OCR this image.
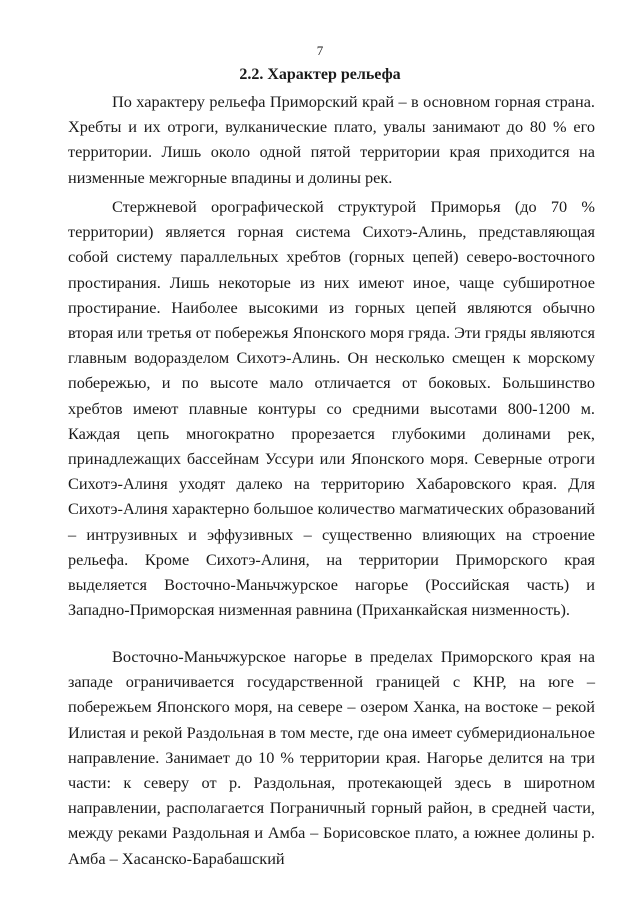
7
2.2. Характер рельефа

По характеру рельефа Приморский край – в основном горная страна. Хребты и их отроги, вулканические плато, увалы занимают до 80 % его территории. Лишь около одной пятой территории края приходится на низменные межгорные впадины и долины рек.

Стержневой орографической структурой Приморья (до 70 % территории) является горная система Сихотэ-Алинь, представляющая собой систему параллельных хребтов (горных цепей) северо-восточного простирания. Лишь некоторые из них имеют иное, чаще субширотное простирание. Наиболее высокими из горных цепей являются обычно вторая или третья от побережья Японского моря гряда. Эти гряды являются главным водоразделом Сихотэ-Алинь. Он несколько смещен к морскому побережью, и по высоте мало отличается от боковых. Большинство хребтов имеют плавные контуры со средними высотами 800-1200 м. Каждая цепь многократно прорезается глубокими долинами рек, принадлежащих бассейнам Уссури или Японского моря. Северные отроги Сихотэ-Алиня уходят далеко на территорию Хабаровского края. Для Сихотэ-Алиня характерно большое количество магматических образований – интрузивных и эффузивных – существенно влияющих на строение рельефа. Кроме Сихотэ-Алиня, на территории Приморского края выделяется Восточно-Маньчжурское нагорье (Российская часть) и Западно-Приморская низменная равнина (Приханкайская низменность).

Восточно-Маньчжурское нагорье в пределах Приморского края на западе ограничивается государственной границей с КНР, на юге – побережьем Японского моря, на севере – озером Ханка, на востоке – рекой Илистая и рекой Раздольная в том месте, где она имеет субмеридиональное направление. Занимает до 10 % территории края. Нагорье делится на три части: к северу от р. Раздольная, протекающей здесь в широтном направлении, располагается Пограничный горный район, в средней части, между реками Раздольная и Амба – Борисовское плато, а южнее долины р. Амба – Хасанско-Барабашский
